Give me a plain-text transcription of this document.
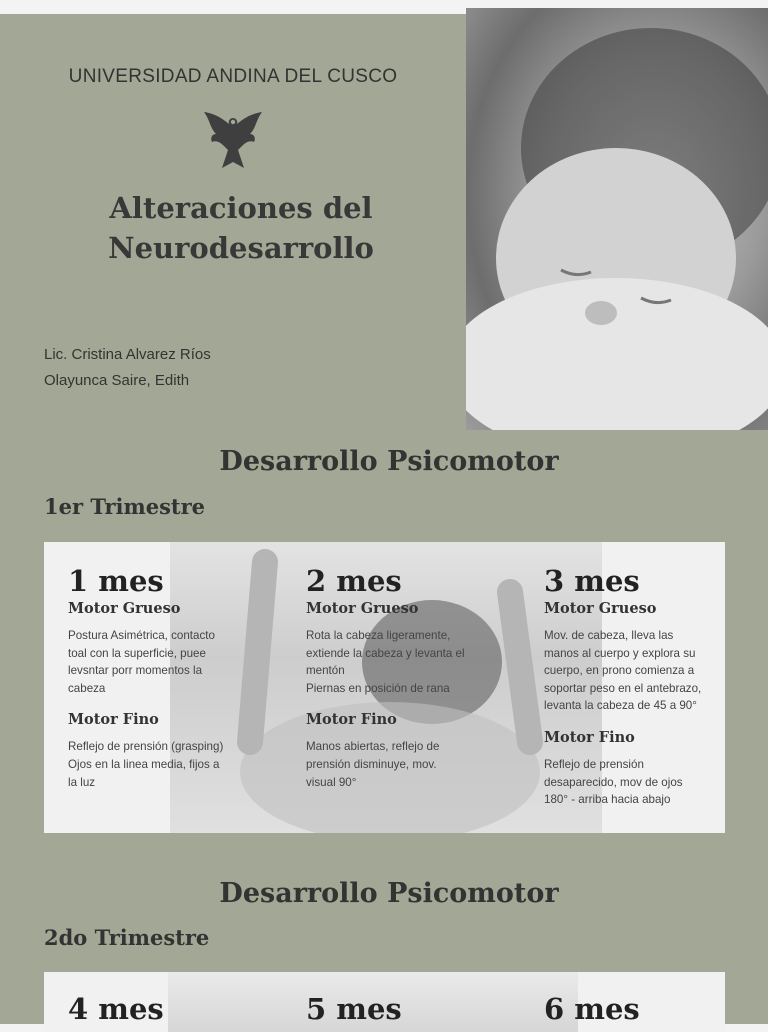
UNIVERSIDAD ANDINA DEL CUSCO
Alteraciones del
Neurodesarrollo
Lic. Cristina Alvarez Ríos
Olayunca Saire, Edith
Desarrollo Psicomotor
1er Trimestre
1 mes
Motor Grueso
Postura Asimétrica, contacto toal con la superficie, puee levsntar porr momentos la cabeza
Motor Fino
Reflejo de prensión (grasping)
Ojos en la linea media, fijos a la luz
2 mes
Motor Grueso
Rota la cabeza ligeramente, extiende la cabeza y levanta el mentón
Piernas en posición de rana
Motor Fino
Manos abiertas, reflejo de prensión disminuye, mov. visual 90°
3 mes
Motor Grueso
Mov. de cabeza, lleva las manos al cuerpo y explora su cuerpo, en prono comienza a soportar peso en el antebrazo, levanta la cabeza de 45 a 90°
Motor Fino
Reflejo de prensión desaparecido, mov de ojos 180° - arriba hacia abajo
Desarrollo Psicomotor
2do Trimestre
4 mes	5 mes	6 mes
